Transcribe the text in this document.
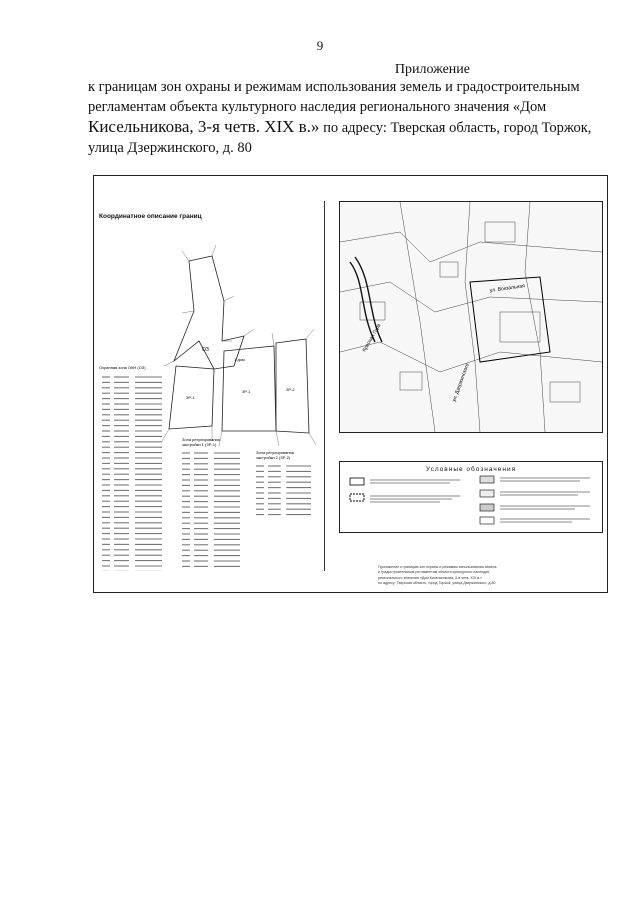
9
Приложение
к границам зон охраны и режимам использования земель и градостроительным
регламентам объекта культурного наследия регионального значения «Дом
Кисельникова, 3-я четв. XIX в.» по адресу: Тверская область, город Торжок,
улица Дзержинского, д. 80
Координатное описание границ
ОЗ
1 дом
ЗР-1
ЗР-1	ЗР-2
Охранная зона ОКН (ОЗ)
Зона регулирования
застройки 1 (ЗР-1)
Зона регулирования
застройки 2 (ЗР-2)
ул. Вокзальная
ул. Дзержинского
Красная Гора
Условные обозначения
Приложение к границам зон охраны и режимам использования земель
и градостроительным регламентам объекта культурного наследия
регионального значения «Дом Кисельникова, 3-я четв. XIX в.»
по адресу: Тверская область, город Торжок, улица Дзержинского, д.80
